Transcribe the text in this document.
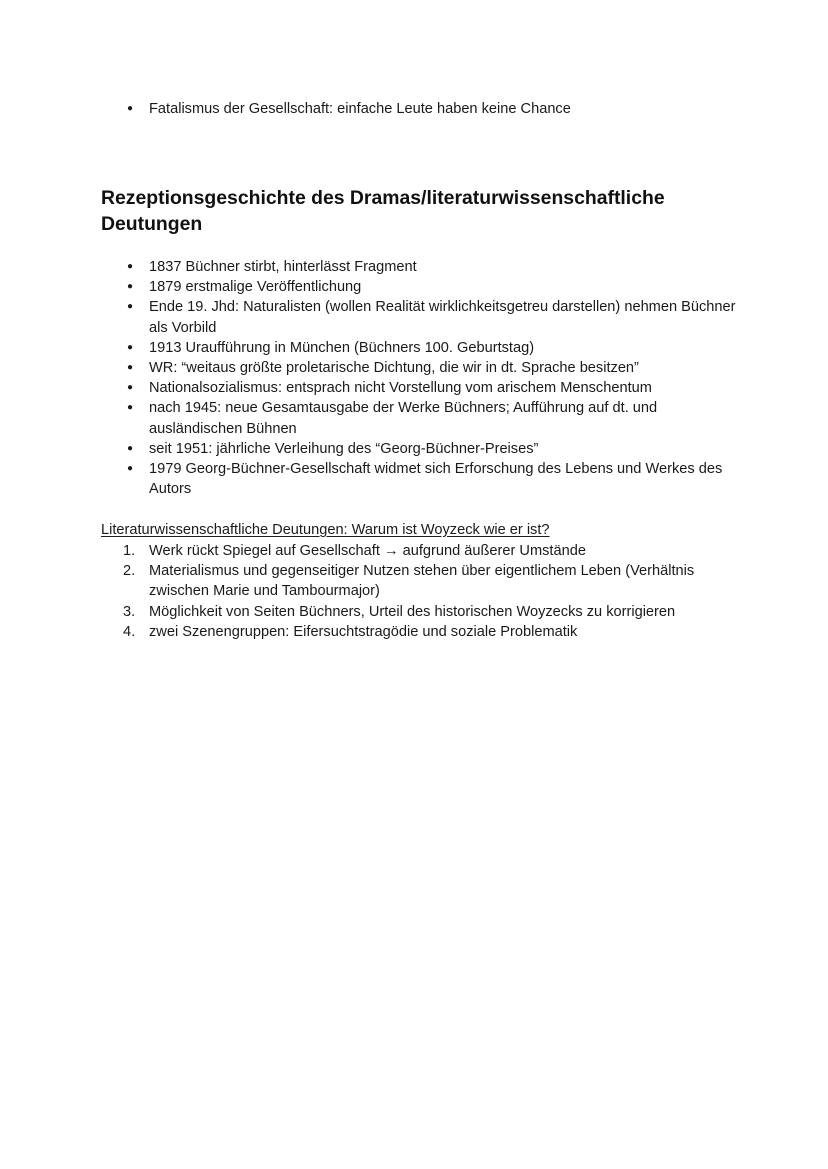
● Fatalismus der Gesellschaft: einfache Leute haben keine Chance
Rezeptionsgeschichte des Dramas/literaturwissenschaftliche Deutungen
● 1837 Büchner stirbt, hinterlässt Fragment
● 1879 erstmalige Veröffentlichung
● Ende 19. Jhd: Naturalisten (wollen Realität wirklichkeitsgetreu darstellen) nehmen Büchner als Vorbild
● 1913 Uraufführung in München (Büchners 100. Geburtstag)
● WR: “weitaus größte proletarische Dichtung, die wir in dt. Sprache besitzen”
● Nationalsozialismus: entsprach nicht Vorstellung vom arischem Menschentum
● nach 1945: neue Gesamtausgabe der Werke Büchners; Aufführung auf dt. und ausländischen Bühnen
● seit 1951: jährliche Verleihung des “Georg-Büchner-Preises”
● 1979 Georg-Büchner-Gesellschaft widmet sich Erforschung des Lebens und Werkes des Autors
Literaturwissenschaftliche Deutungen: Warum ist Woyzeck wie er ist?
1. Werk rückt Spiegel auf Gesellschaft → aufgrund äußerer Umstände
2. Materialismus und gegenseitiger Nutzen stehen über eigentlichem Leben (Verhältnis zwischen Marie und Tambourmajor)
3. Möglichkeit von Seiten Büchners, Urteil des historischen Woyzecks zu korrigieren
4. zwei Szenengruppen: Eifersuchtstragödie und soziale Problematik
